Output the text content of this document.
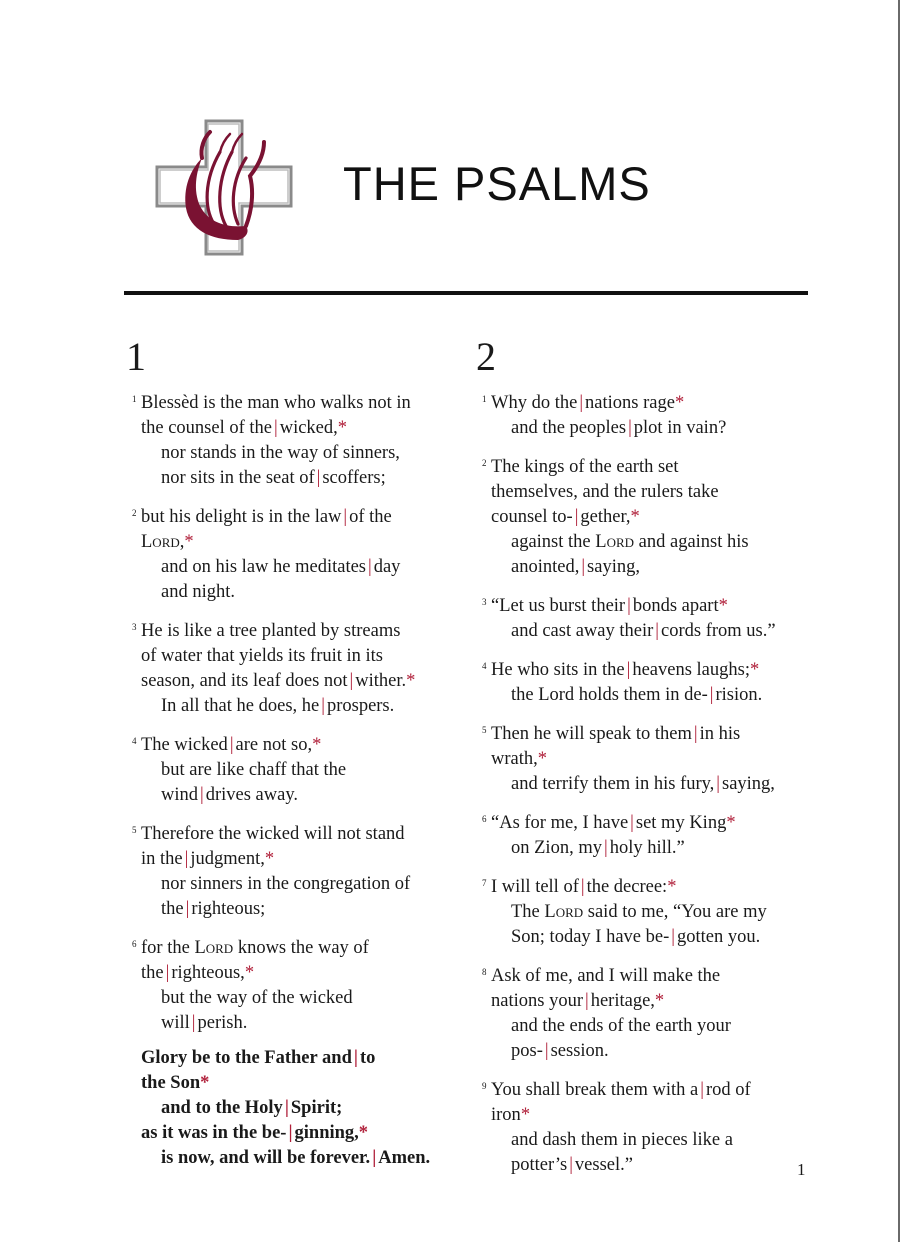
THE PSALMS
1
$^1$ Blessèd is the man who walks not in
the counsel of the | wicked,*
nor stands in the way of sinners,
nor sits in the seat of | scoffers;
$^2$ but his delight is in the law | of the
Lord,*
and on his law he meditates | day
and night.
$^3$ He is like a tree planted by streams
of water that yields its fruit in its
season, and its leaf does not | wither.*
In all that he does, he | prospers.
$^4$ The wicked | are not so,*
but are like chaff that the
wind | drives away.
$^5$ Therefore the wicked will not stand
in the | judgment,*
nor sinners in the congregation of
the | righteous;
$^6$ for the Lord knows the way of
the | righteous,*
but the way of the wicked
will | perish.
Glory be to the Father and | to
the Son*
and to the Holy | Spirit;
as it was in the be- | ginning,*
is now, and will be forever. | Amen.
2
$^1$ Why do the | nations rage*
and the peoples | plot in vain?
$^2$ The kings of the earth set
themselves, and the rulers take
counsel to- | gether,*
against the Lord and against his
anointed, | saying,
$^3$ “Let us burst their | bonds apart*
and cast away their | cords from us.”
$^4$ He who sits in the | heavens laughs;*
the Lord holds them in de- | rision.
$^5$ Then he will speak to them | in his
wrath,*
and terrify them in his fury, | saying,
$^6$ “As for me, I have | set my King*
on Zion, my | holy hill.”
$^7$ I will tell of | the decree:*
The Lord said to me, “You are my
Son; today I have be- | gotten you.
$^8$ Ask of me, and I will make the
nations your | heritage,*
and the ends of the earth your
pos- | session.
$^9$ You shall break them with a | rod of
iron*
and dash them in pieces like a
potter’s | vessel.”	1
